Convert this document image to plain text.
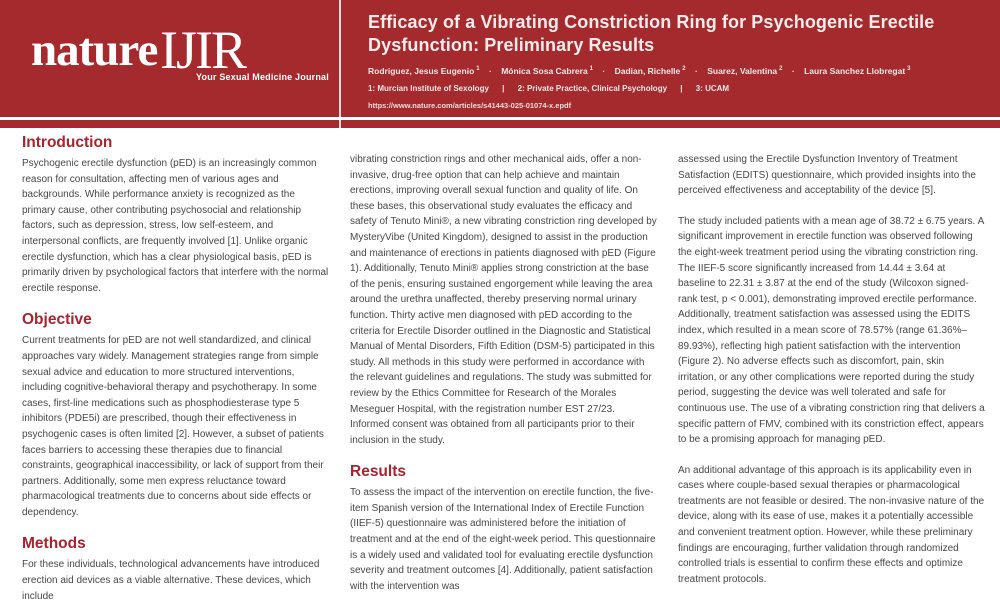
nature IJIR
Your Sexual Medicine Journal
Efficacy of a Vibrating Constriction Ring for Psychogenic Erectile Dysfunction: Preliminary Results
Rodriguez, Jesus Eugenio $^1$ · Mónica Sosa Cabrera $^1$ · Dadian, Richelle $^2$ · Suarez, Valentina $^2$ · Laura Sanchez Llobregat $^3$
1: Murcian Institute of Sexology | 2: Private Practice, Clinical Psychology | 3: UCAM
https://www.nature.com/articles/s41443-025-01074-x.epdf
Introduction

Psychogenic erectile dysfunction (pED) is an increasingly common reason for consultation, affecting men of various ages and backgrounds. While performance anxiety is recognized as the primary cause, other contributing psychosocial and relationship factors, such as depression, stress, low self-esteem, and interpersonal conflicts, are frequently involved [1]. Unlike organic erectile dysfunction, which has a clear physiological basis, pED is primarily driven by psychological factors that interfere with the normal erectile response.

Objective

Current treatments for pED are not well standardized, and clinical approaches vary widely. Management strategies range from simple sexual advice and education to more structured interventions, including cognitive-behavioral therapy and psychotherapy. In some cases, first-line medications such as phosphodiesterase type 5 inhibitors (PDE5i) are prescribed, though their effectiveness in psychogenic cases is often limited [2]. However, a subset of patients faces barriers to accessing these therapies due to financial constraints, geographical inaccessibility, or lack of support from their partners. Additionally, some men express reluctance toward pharmacological treatments due to concerns about side effects or dependency.

Methods

For these individuals, technological advancements have introduced erection aid devices as a viable alternative. These devices, which include

vibrating constriction rings and other mechanical aids, offer a non-invasive, drug-free option that can help achieve and maintain erections, improving overall sexual function and quality of life. On these bases, this observational study evaluates the efficacy and safety of Tenuto Mini®, a new vibrating constriction ring developed by MysteryVibe (United Kingdom), designed to assist in the production and maintenance of erections in patients diagnosed with pED (Figure 1). Additionally, Tenuto Mini® applies strong constriction at the base of the penis, ensuring sustained engorgement while leaving the area around the urethra unaffected, thereby preserving normal urinary function. Thirty active men diagnosed with pED according to the criteria for Erectile Disorder outlined in the Diagnostic and Statistical Manual of Mental Disorders, Fifth Edition (DSM-5) participated in this study. All methods in this study were performed in accordance with the relevant guidelines and regulations. The study was submitted for review by the Ethics Committee for Research of the Morales Meseguer Hospital, with the registration number EST 27/23. Informed consent was obtained from all participants prior to their inclusion in the study.

Results

To assess the impact of the intervention on erectile function, the five-item Spanish version of the International Index of Erectile Function (IIEF-5) questionnaire was administered before the initiation of treatment and at the end of the eight-week period. This questionnaire is a widely used and validated tool for evaluating erectile dysfunction severity and treatment outcomes [4]. Additionally, patient satisfaction with the intervention was

assessed using the Erectile Dysfunction Inventory of Treatment Satisfaction (EDITS) questionnaire, which provided insights into the perceived effectiveness and acceptability of the device [5].

The study included patients with a mean age of 38.72 ± 6.75 years. A significant improvement in erectile function was observed following the eight-week treatment period using the vibrating constriction ring. The IIEF-5 score significantly increased from 14.44 ± 3.64 at baseline to 22.31 ± 3.87 at the end of the study (Wilcoxon signed-rank test, p < 0.001), demonstrating improved erectile performance. Additionally, treatment satisfaction was assessed using the EDITS index, which resulted in a mean score of 78.57% (range 61.36%–89.93%), reflecting high patient satisfaction with the intervention (Figure 2). No adverse effects such as discomfort, pain, skin irritation, or any other complications were reported during the study period, suggesting the device was well tolerated and safe for continuous use. The use of a vibrating constriction ring that delivers a specific pattern of FMV, combined with its constriction effect, appears to be a promising approach for managing pED.

An additional advantage of this approach is its applicability even in cases where couple-based sexual therapies or pharmacological treatments are not feasible or desired. The non-invasive nature of the device, along with its ease of use, makes it a potentially accessible and convenient treatment option. However, while these preliminary findings are encouraging, further validation through randomized controlled trials is essential to confirm these effects and optimize treatment protocols.
